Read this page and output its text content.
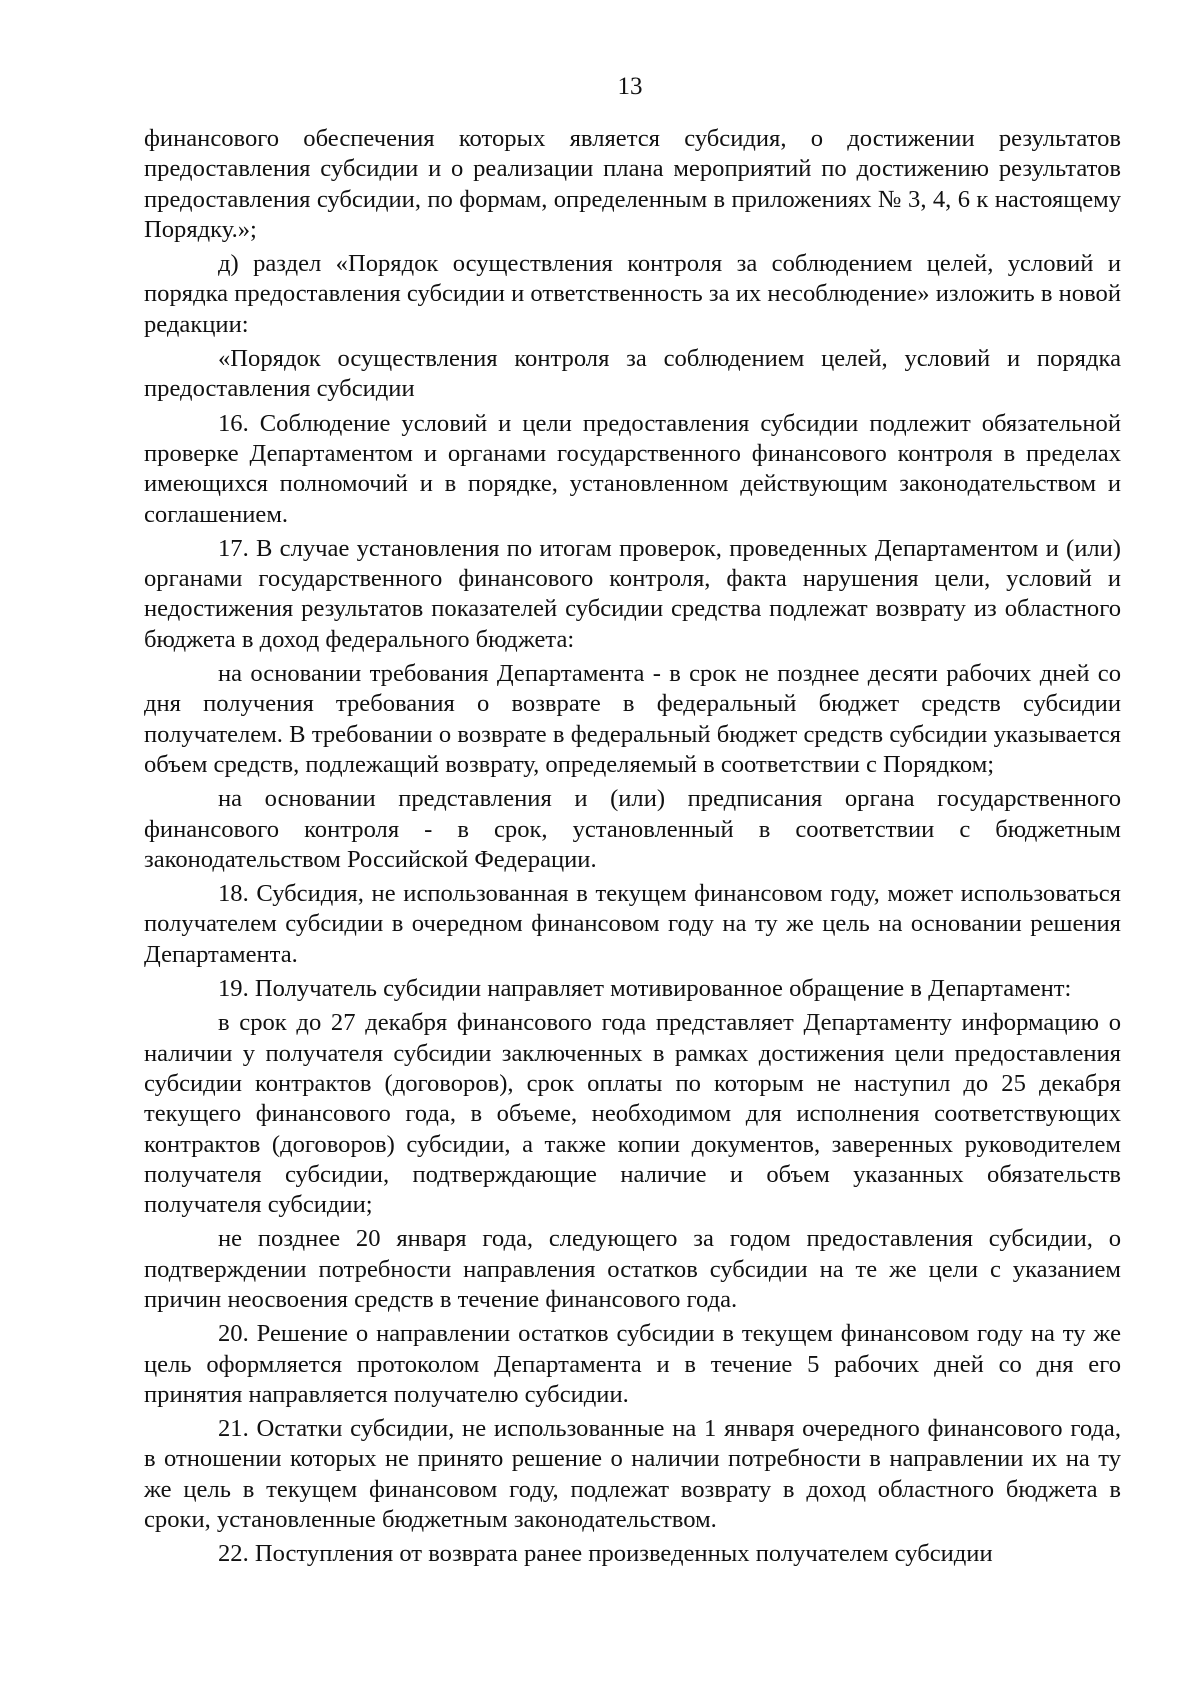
13

финансового обеспечения которых является субсидия, о достижении результатов предоставления субсидии и о реализации плана мероприятий по достижению результатов предоставления субсидии, по формам, определенным в приложениях № 3, 4, 6 к настоящему Порядку.»;

д) раздел «Порядок осуществления контроля за соблюдением целей, условий и порядка предоставления субсидии и ответственность за их несоблюдение» изложить в новой редакции:

«Порядок осуществления контроля за соблюдением целей, условий и порядка предоставления субсидии

16. Соблюдение условий и цели предоставления субсидии подлежит обязательной проверке Департаментом и органами государственного финансового контроля в пределах имеющихся полномочий и в порядке, установленном действующим законодательством и соглашением.

17. В случае установления по итогам проверок, проведенных Департаментом и (или) органами государственного финансового контроля, факта нарушения цели, условий и недостижения результатов показателей субсидии средства подлежат возврату из областного бюджета в доход федерального бюджета:

на основании требования Департамента - в срок не позднее десяти рабочих дней со дня получения требования о возврате в федеральный бюджет средств субсидии получателем. В требовании о возврате в федеральный бюджет средств субсидии указывается объем средств, подлежащий возврату, определяемый в соответствии с Порядком;

на основании представления и (или) предписания органа государственного финансового контроля - в срок, установленный в соответствии с бюджетным законодательством Российской Федерации.

18. Субсидия, не использованная в текущем финансовом году, может использоваться получателем субсидии в очередном финансовом году на ту же цель на основании решения Департамента.

19. Получатель субсидии направляет мотивированное обращение в Департамент:

в срок до 27 декабря финансового года представляет Департаменту информацию о наличии у получателя субсидии заключенных в рамках достижения цели предоставления субсидии контрактов (договоров), срок оплаты по которым не наступил до 25 декабря текущего финансового года, в объеме, необходимом для исполнения соответствующих контрактов (договоров) субсидии, а также копии документов, заверенных руководителем получателя субсидии, подтверждающие наличие и объем указанных обязательств получателя субсидии;

не позднее 20 января года, следующего за годом предоставления субсидии, о подтверждении потребности направления остатков субсидии на те же цели с указанием причин неосвоения средств в течение финансового года.

20. Решение о направлении остатков субсидии в текущем финансовом году на ту же цель оформляется протоколом Департамента и в течение 5 рабочих дней со дня его принятия направляется получателю субсидии.

21. Остатки субсидии, не использованные на 1 января очередного финансового года, в отношении которых не принято решение о наличии потребности в направлении их на ту же цель в текущем финансовом году, подлежат возврату в доход областного бюджета в сроки, установленные бюджетным законодательством.

22. Поступления от возврата ранее произведенных получателем субсидии
